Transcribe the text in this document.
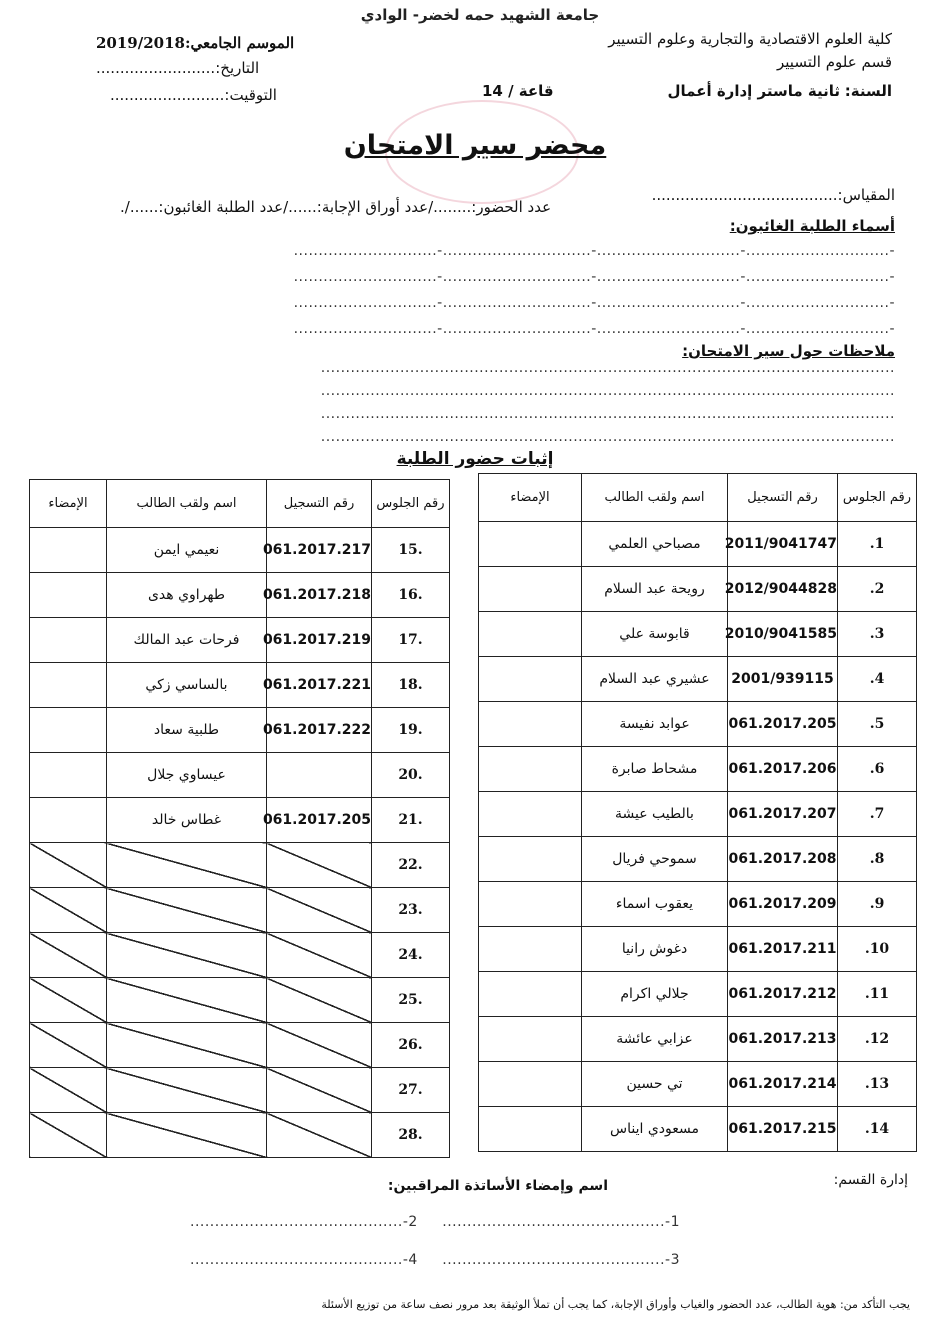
جامعة الشهيد حمه لخضر- الوادي
كلية العلوم الاقتصادية والتجارية وعلوم التسيير
قسم علوم التسيير
السنة:
ثانية ماستر إدارة أعمال
قاعة / 14
الموسم الجامعي:2019/2018
التاريخ:.........................
التوقيت:........................
محضر سير الامتحان
المقياس:.......................................
عدد الحضور:......../عدد أوراق الإجابة:....../عدد الطلبة الغائبون:....../.
أسماء الطلبة الغائبون:
-.............................-.............................-..............................-.............................
-.............................-.............................-..............................-.............................
-.............................-.............................-..............................-.............................
-.............................-.............................-..............................-.............................
ملاحظات حول سير الامتحان:
....................................................................................................................
....................................................................................................................
....................................................................................................................
....................................................................................................................
إثبات حضور الطلبة
رقم الجلوس	رقم التسجيل	اسم ولقب الطالب	الإمضاء
1.	2011/9041747	مصباحي العلمي	
2.	2012/9044828	رويحة عبد السلام	
3.	2010/9041585	قابوسة علي	
4.	2001/939115	عشيري عبد السلام	
5.	061.2017.205	عوابد نفيسة	
6.	061.2017.206	مشحاط صابرة	
7.	061.2017.207	بالطيب عيشة	
8.	061.2017.208	سموحي فريال	
9.	061.2017.209	يعقوب اسماء	
10.	061.2017.211	دغوش رانيا	
11.	061.2017.212	جلالي اكرام	
12.	061.2017.213	عزابي عائشة	
13.	061.2017.214	تي حسين	
14.	061.2017.215	مسعودي ايناس	
رقم الجلوس	رقم التسجيل	اسم ولقب الطالب	الإمضاء
.15	061.2017.217	نعيمي ايمن	
.16	061.2017.218	طهراوي هدى	
.17	061.2017.219	فرحات عبد المالك	
.18	061.2017.221	بالساسي زكي	
.19	061.2017.222	طلبية سعاد	
.20		عيساوي جلال	
.21	061.2017.205	غطاس خالد	
.22			
.23			
.24			
.25			
.26			
.27			
.28			
إدارة القسم:
اسم وإمضاء الأساتذة المراقبين:
1-.............................................
2-...........................................
3-.............................................
4-...........................................
يجب التأكد من: هوية الطالب، عدد الحضور والغياب وأوراق الإجابة، كما يجب أن تملأ الوثيقة بعد مرور نصف ساعة من توزيع الأسئلة
